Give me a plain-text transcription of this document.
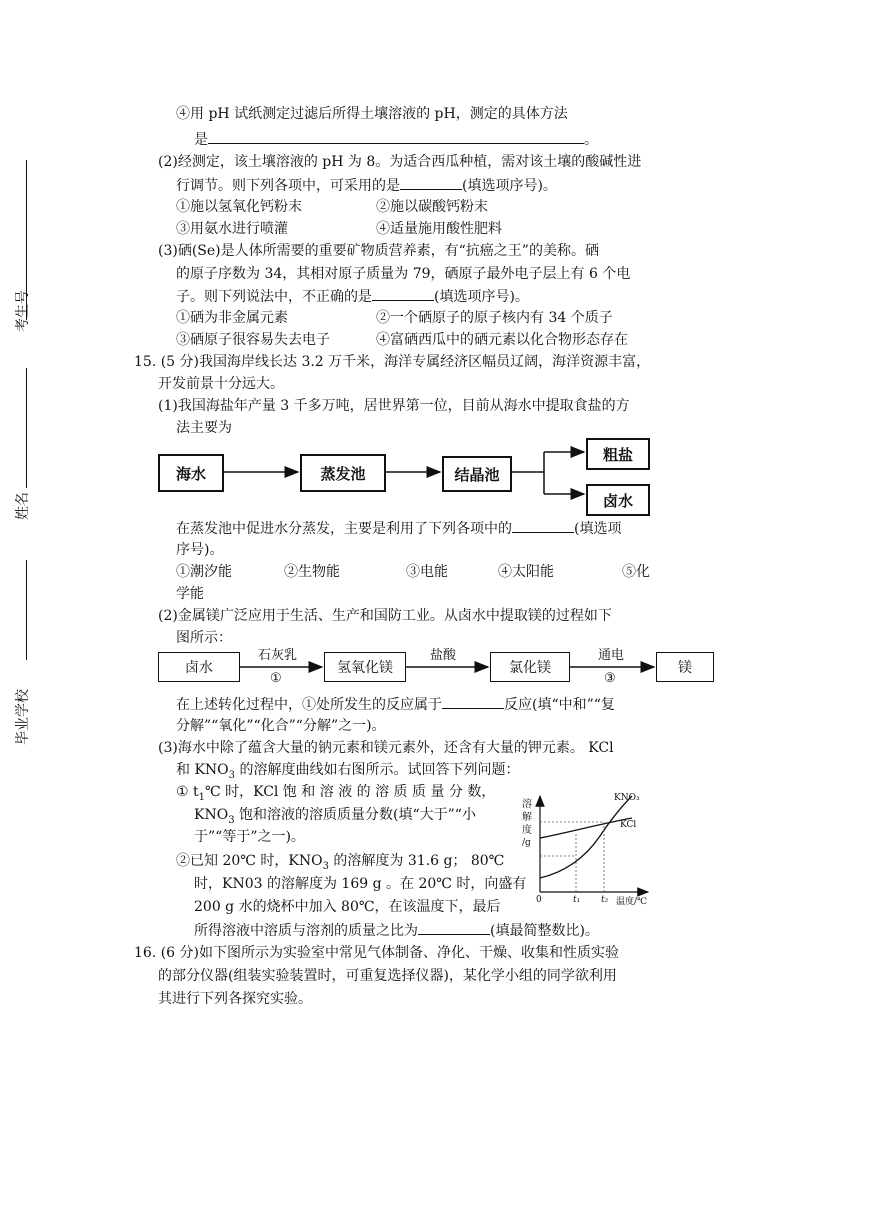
考生号
姓名
毕业学校
④用 pH 试纸测定过滤后所得土壤溶液的 pH，测定的具体方法
是	。
(2)经测定，该土壤溶液的 pH 为 8。为适合西瓜种植，需对该土壤的酸碱性进
行调节。则下列各项中，可采用的是	(填选项序号)。
①施以氢氧化钙粉末	②施以碳酸钙粉末
③用氨水进行喷灌	④适量施用酸性肥料
(3)硒(Se)是人体所需要的重要矿物质营养素，有“抗癌之王”的美称。硒
的原子序数为 34，其相对原子质量为 79，硒原子最外电子层上有 6 个电
子。则下列说法中，不正确的是	(填选项序号)。
①硒为非金属元素	②一个硒原子的原子核内有 34 个质子
③硒原子很容易失去电子	④富硒西瓜中的硒元素以化合物形态存在
15. (5 分)我国海岸线长达 3.2 万千米，海洋专属经济区幅员辽阔，海洋资源丰富，
开发前景十分远大。
(1)我国海盐年产量 3 千多万吨，居世界第一位，目前从海水中提取食盐的方
法主要为
海水	蒸发池	结晶池
粗盐
卤水
在蒸发池中促进水分蒸发，主要是利用了下列各项中的	(填选项
序号)。
①潮汐能	②生物能	③电能	④太阳能	⑤化
学能
(2)金属镁广泛应用于生活、生产和国防工业。从卤水中提取镁的过程如下
图所示：
卤水
石灰乳
①
氢氧化镁
盐酸
氯化镁
通电
③
镁
在上述转化过程中，①处所发生的反应属于	反应(填“中和”“复
分解”“氧化”“化合”“分解”之一)。
(3)海水中除了蕴含大量的钠元素和镁元素外，还含有大量的钾元素。 KCl
和 $KNO_3$ 的溶解度曲线如右图所示。试回答下列问题：
① $t_1℃$ 时，KCl 饱 和 溶 液 的 溶 质 质 量 分 数，
$KNO_3$ 饱和溶液的溶质质量分数(填“大于”“小
于”“等于”之一)。
②已知 20℃ 时，$KNO_3$ 的溶解度为 31.6 g； 80℃
时，KN03 的溶解度为 169 g 。在 20℃ 时，向盛有
200 g 水的烧杯中加入 80℃，在该温度下，最后
所得溶液中溶质与溶剂的质量之比为	(填最简整数比)。
溶
解
度
/g
KNO₃
KCl
0	t₁ t₂ 温度/℃
16. (6 分)如下图所示为实验室中常见气体制备、净化、干燥、收集和性质实验
的部分仪器(组装实验装置时，可重复选择仪器)，某化学小组的同学欲利用
其进行下列各探究实验。
